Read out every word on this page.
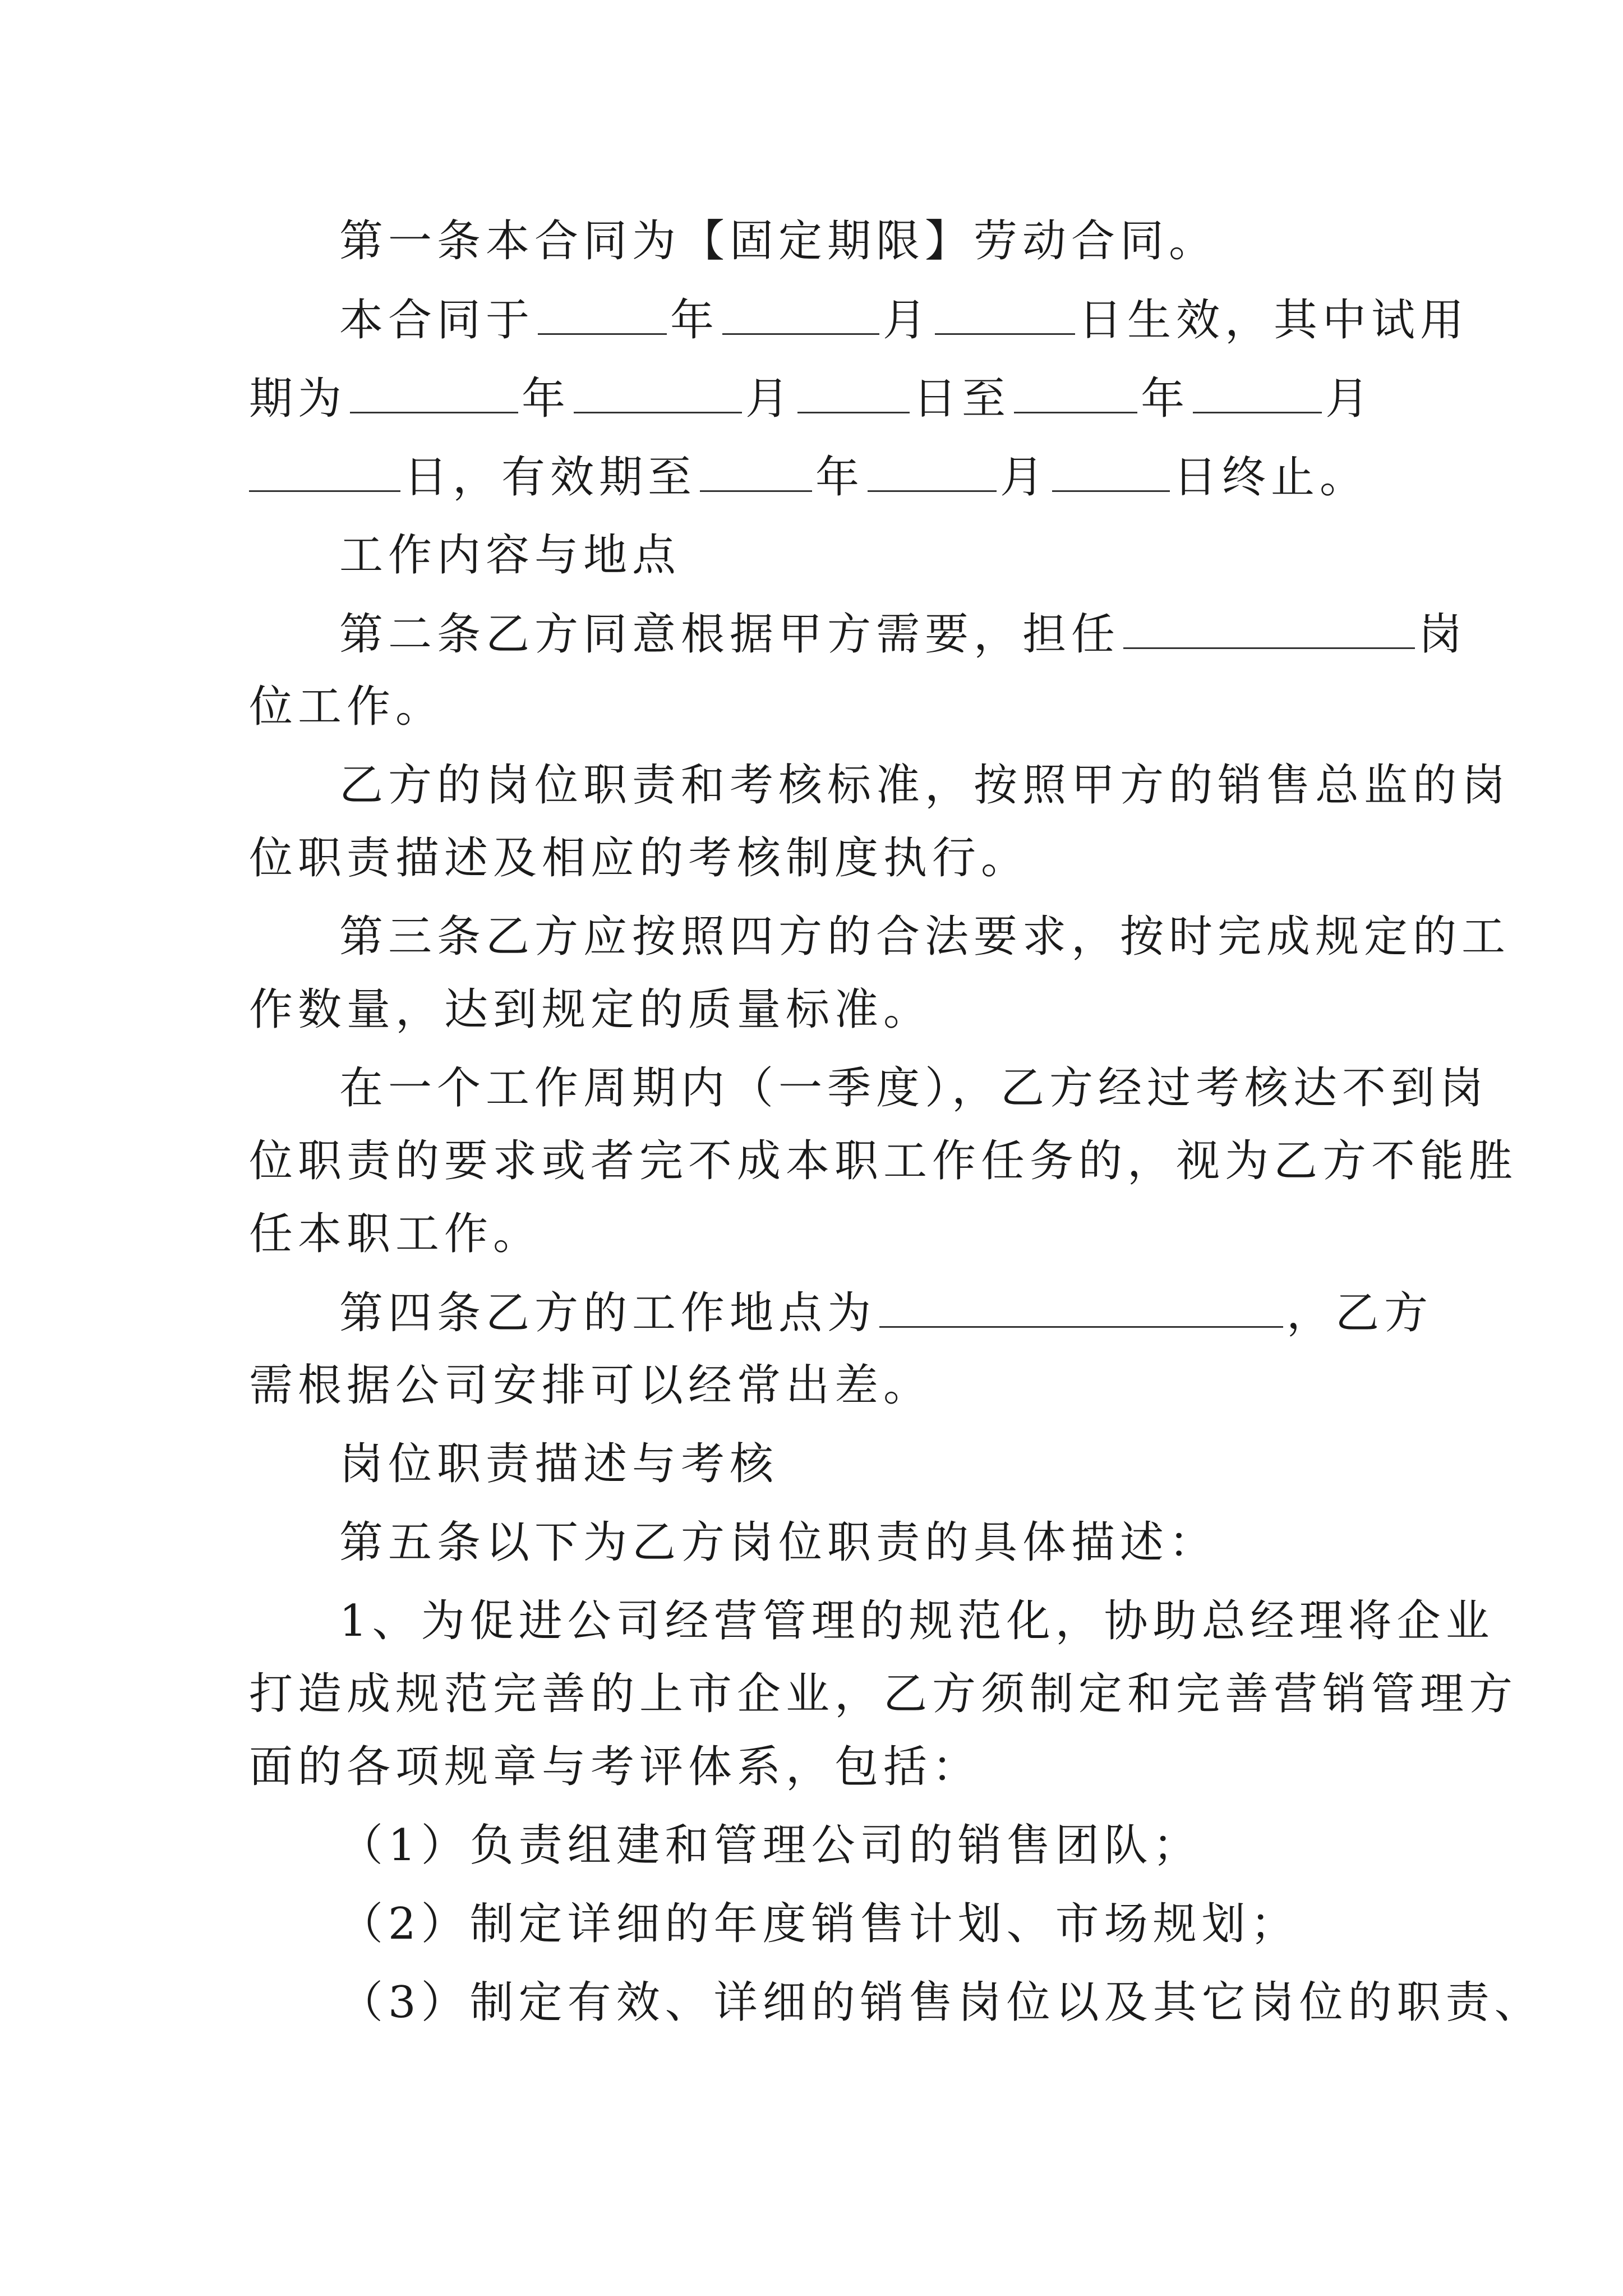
第一条本合同为【固定期限】劳动合同。
本合同于	年	月	日生效，其中试用
期为	年	月	日至	年	月
日，有效期至	年	月	日终止。
工作内容与地点
第二条乙方同意根据甲方需要，担任	岗
位工作。
乙方的岗位职责和考核标准，按照甲方的销售总监的岗
位职责描述及相应的考核制度执行。
第三条乙方应按照四方的合法要求，按时完成规定的工
作数量，达到规定的质量标准。
在一个工作周期内（一季度），乙方经过考核达不到岗
位职责的要求或者完不成本职工作任务的，视为乙方不能胜
任本职工作。
第四条乙方的工作地点为	，乙方
需根据公司安排可以经常出差。
岗位职责描述与考核
第五条以下为乙方岗位职责的具体描述：
1、为促进公司经营管理的规范化，协助总经理将企业
打造成规范完善的上市企业，乙方须制定和完善营销管理方
面的各项规章与考评体系，包括：
（1）负责组建和管理公司的销售团队；
（2）制定详细的年度销售计划、市场规划；
（3）制定有效、详细的销售岗位以及其它岗位的职责、
